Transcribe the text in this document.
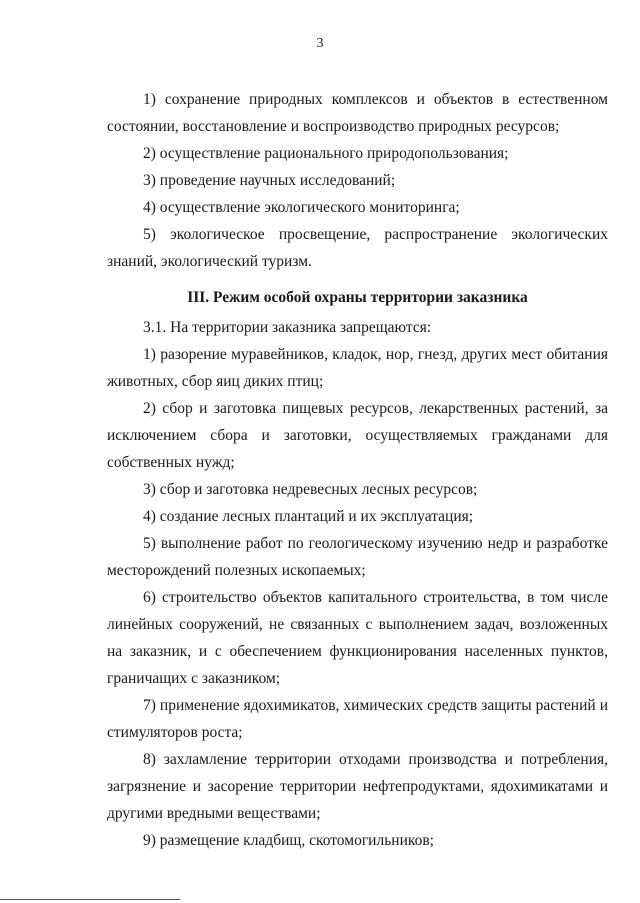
3

1) сохранение природных комплексов и объектов в естественном состоянии, восстановление и воспроизводство природных ресурсов;

2) осуществление рационального природопользования;

3) проведение научных исследований;

4) осуществление экологического мониторинга;

5) экологическое просвещение, распространение экологических знаний, экологический туризм.

III. Режим особой охраны территории заказника

3.1. На территории заказника запрещаются:

1) разорение муравейников, кладок, нор, гнезд, других мест обитания животных, сбор яиц диких птиц;

2) сбор и заготовка пищевых ресурсов, лекарственных растений, за исключением сбора и заготовки, осуществляемых гражданами для собственных нужд;

3) сбор и заготовка недревесных лесных ресурсов;

4) создание лесных плантаций и их эксплуатация;

5) выполнение работ по геологическому изучению недр и разработке месторождений полезных ископаемых;

6) строительство объектов капитального строительства, в том числе линейных сооружений, не связанных с выполнением задач, возложенных на заказник, и с обеспечением функционирования населенных пунктов, граничащих с заказником;

7) применение ядохимикатов, химических средств защиты растений и стимуляторов роста;

8) захламление территории отходами производства и потребления, загрязнение и засорение территории нефтепродуктами, ядохимикатами и другими вредными веществами;

9) размещение кладбищ, скотомогильников;
